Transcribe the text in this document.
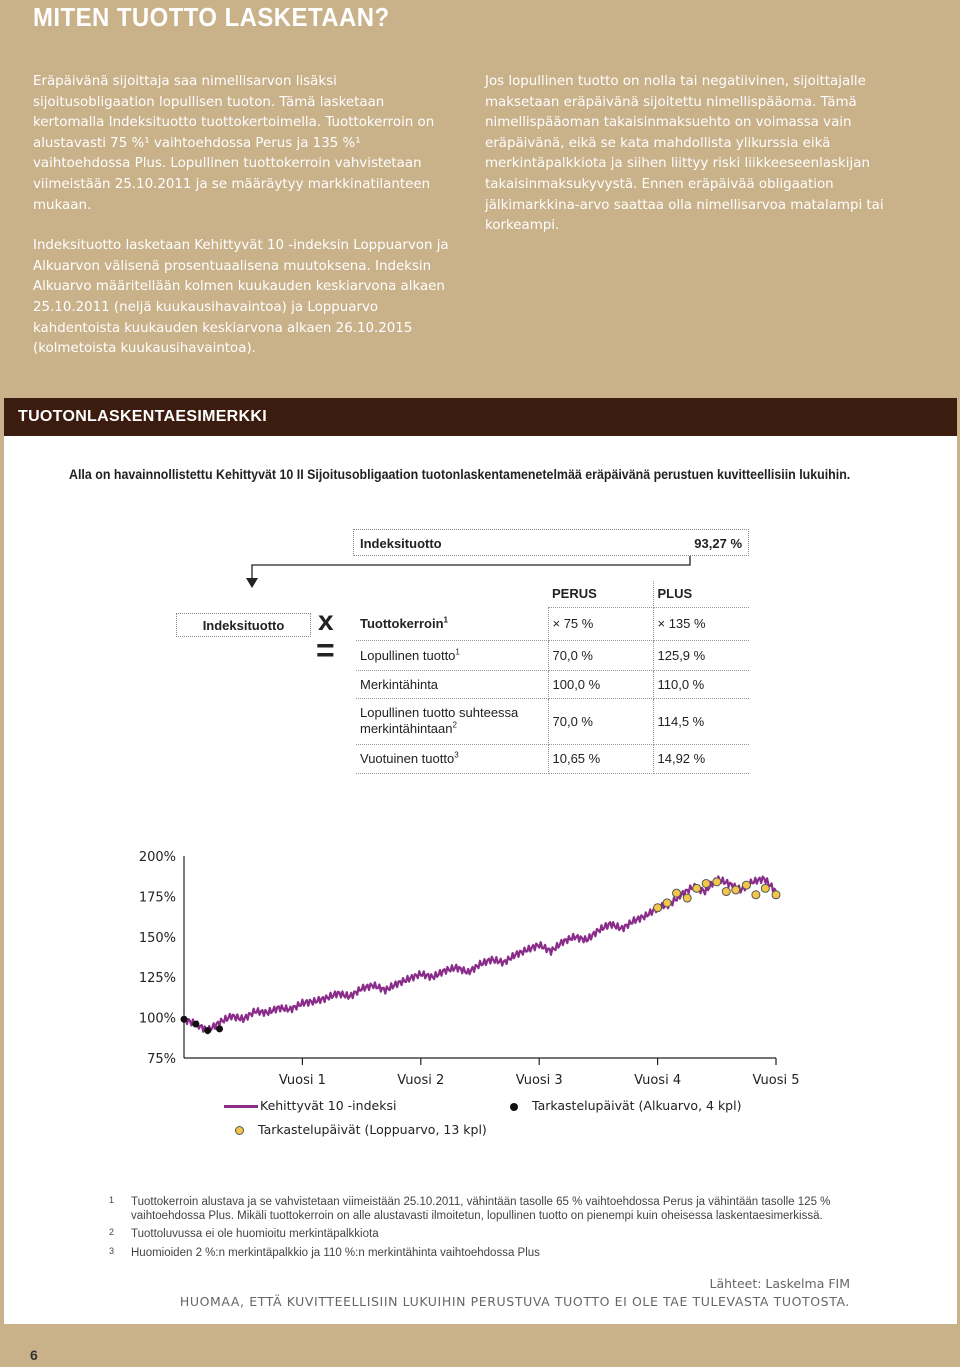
MITEN TUOTTO LASKETAAN?

Eräpäivänä sijoittaja saa nimellisarvon lisäksi sijoitusobligaation lopullisen tuoton. Tämä lasketaan kertomalla Indeksituotto tuottokertoimella. Tuottokerroin on alustavasti 75 %¹ vaihtoehdossa Perus ja 135 %¹ vaihtoehdossa Plus. Lopullinen tuottokerroin vahvistetaan viimeistään 25.10.2011 ja se määräytyy markkinatilanteen mukaan.

Indeksituotto lasketaan Kehittyvät 10 -indeksin Loppuarvon ja Alkuarvon välisenä prosentuaalisena muutoksena. Indeksin Alkuarvo määritellään kolmen kuukauden keskiarvona alkaen 25.10.2011 (neljä kuukausihavaintoa) ja Loppuarvo kahdentoista kuukauden keskiarvona alkaen 26.10.2015 (kolmetoista kuukausihavaintoa).

Jos lopullinen tuotto on nolla tai negatiivinen, sijoittajalle maksetaan eräpäivänä sijoitettu nimellispääoma. Tämä nimellispääoman takaisinmaksuehto on voimassa vain eräpäivänä, eikä se kata mahdollista ylikurssia eikä merkintäpalkkiota ja siihen liittyy riski liikkeeseenlaskijan takaisinmaksukyvystä. Ennen eräpäivää obligaation jälkimarkkina-arvo saattaa olla nimellisarvoa matalampi tai korkeampi.

TUOTONLASKENTAESIMERKKI
Alla on havainnollistettu Kehittyvät 10 II Sijoitusobligaation tuotonlaskentamenetelmää eräpäivänä perustuen kuvitteellisiin lukuihin.
Indeksituotto	93,27 %
Indeksituotto	x
=
	PERUS	PLUS
Tuottokerroin$^1$	× 75 %	× 135 %
Lopullinen tuotto$^1$	70,0 %	125,9 %
Merkintähinta	100,0 %	110,0 %
Lopullinen tuotto suhteessa merkintähintaan$^2$	70,0 %	114,5 %
Vuotuinen tuotto$^3$	10,65 %	14,92 %
200%
175%
150%
125%
100%
75%
Vuosi 1	Vuosi 2	Vuosi 3	Vuosi 4	Vuosi 5
Kehittyvät 10 -indeksi	Tarkastelupäivät (Alkuarvo, 4 kpl)
Tarkastelupäivät (Loppuarvo, 13 kpl)
1 Tuottokerroin alustava ja se vahvistetaan viimeistään 25.10.2011, vähintään tasolle 65 % vaihtoehdossa Perus ja vähintään tasolle 125 % vaihtoehdossa Plus. Mikäli tuottokerroin on alle alustavasti ilmoitetun, lopullinen tuotto on pienempi kuin oheisessa laskentaesimerkissä.
2 Tuottoluvussa ei ole huomioitu merkintäpalkkiota
3 Huomioiden 2 %:n merkintäpalkkio ja 110 %:n merkintähinta vaihtoehdossa Plus
Lähteet: Laskelma FIM
HUOMAA, ETTÄ KUVITTEELLISIIN LUKUIHIN PERUSTUVA TUOTTO EI OLE TAE TULEVASTA TUOTOSTA.
6
